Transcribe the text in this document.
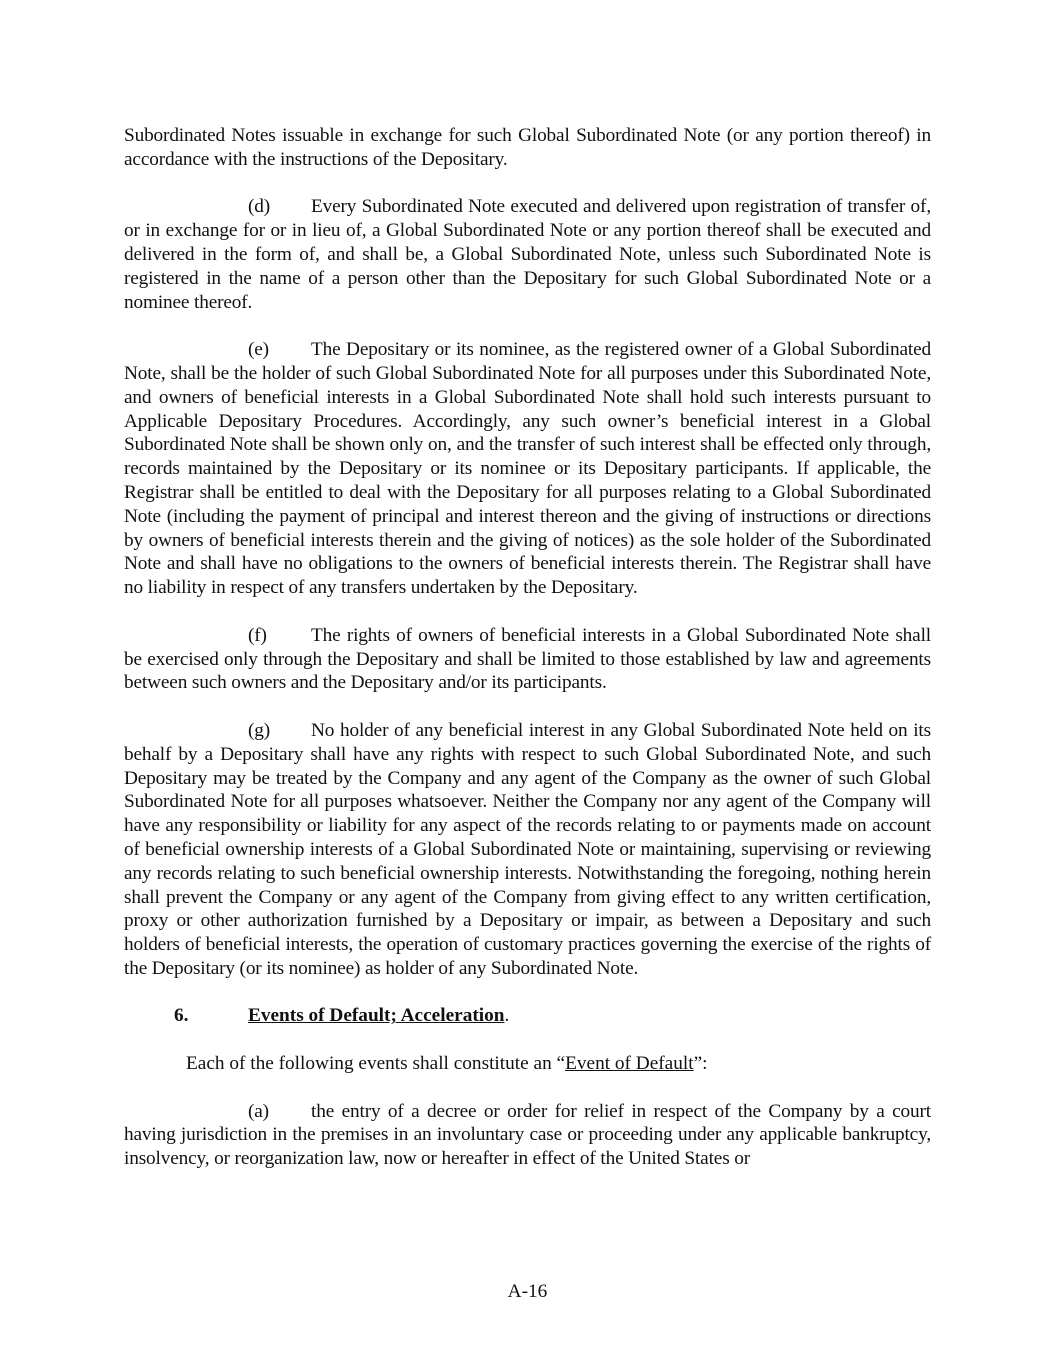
Subordinated Notes issuable in exchange for such Global Subordinated Note (or any portion thereof) in accordance with the instructions of the Depositary.

(d) Every Subordinated Note executed and delivered upon registration of transfer of, or in exchange for or in lieu of, a Global Subordinated Note or any portion thereof shall be executed and delivered in the form of, and shall be, a Global Subordinated Note, unless such Subordinated Note is registered in the name of a person other than the Depositary for such Global Subordinated Note or a nominee thereof.

(e) The Depositary or its nominee, as the registered owner of a Global Subordinated Note, shall be the holder of such Global Subordinated Note for all purposes under this Subordinated Note, and owners of beneficial interests in a Global Subordinated Note shall hold such interests pursuant to Applicable Depositary Procedures. Accordingly, any such owner’s beneficial interest in a Global Subordinated Note shall be shown only on, and the transfer of such interest shall be effected only through, records maintained by the Depositary or its nominee or its Depositary participants. If applicable, the Registrar shall be entitled to deal with the Depositary for all purposes relating to a Global Subordinated Note (including the payment of principal and interest thereon and the giving of instructions or directions by owners of beneficial interests therein and the giving of notices) as the sole holder of the Subordinated Note and shall have no obligations to the owners of beneficial interests therein. The Registrar shall have no liability in respect of any transfers undertaken by the Depositary.

(f) The rights of owners of beneficial interests in a Global Subordinated Note shall be exercised only through the Depositary and shall be limited to those established by law and agreements between such owners and the Depositary and/or its participants.

(g) No holder of any beneficial interest in any Global Subordinated Note held on its behalf by a Depositary shall have any rights with respect to such Global Subordinated Note, and such Depositary may be treated by the Company and any agent of the Company as the owner of such Global Subordinated Note for all purposes whatsoever. Neither the Company nor any agent of the Company will have any responsibility or liability for any aspect of the records relating to or payments made on account of beneficial ownership interests of a Global Subordinated Note or maintaining, supervising or reviewing any records relating to such beneficial ownership interests. Notwithstanding the foregoing, nothing herein shall prevent the Company or any agent of the Company from giving effect to any written certification, proxy or other authorization furnished by a Depositary or impair, as between a Depositary and such holders of beneficial interests, the operation of customary practices governing the exercise of the rights of the Depositary (or its nominee) as holder of any Subordinated Note.

6.	Events of Default; Acceleration.
Each of the following events shall constitute an “Event of Default”:

(a) the entry of a decree or order for relief in respect of the Company by a court having jurisdiction in the premises in an involuntary case or proceeding under any applicable bankruptcy, insolvency, or reorganization law, now or hereafter in effect of the United States or

A-16
